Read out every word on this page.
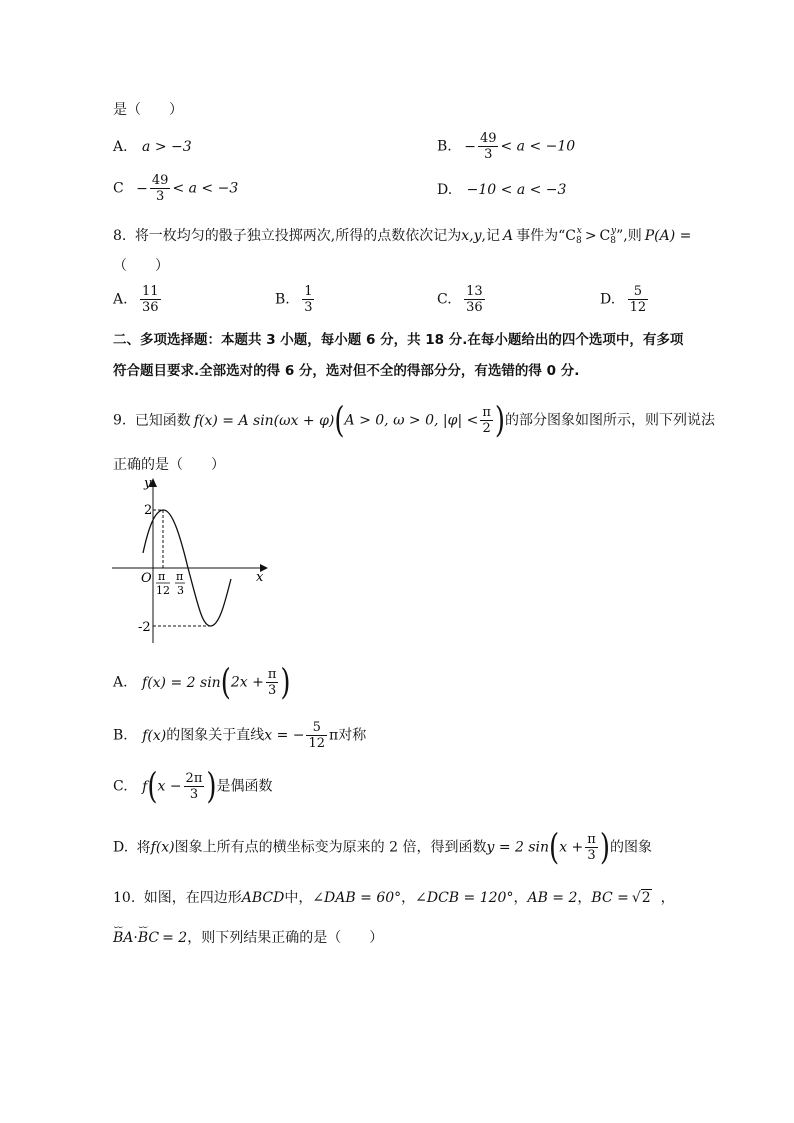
是（　　）
A. a > −3	B. − $\frac{49}{3} < a < -10$
$C - \frac{49}{3} < a < -3$	D. −10 < a < −3
8. 将一枚均匀的骰子独立投掷两次,所得的点数依次记为x,y,记 A 事件为“$C_8^x > C_8^y$”,则 P(A) =
（　　）
A. $\frac{11}{36}$	B. $\frac{1}{3}$	C. $\frac{13}{36}$	D. $\frac{5}{12}$
二、多项选择题：本题共 3 小题，每小题 6 分，共 18 分.在每小题给出的四个选项中，有多项
符合题目要求.全部选对的得 6 分，选对但不全的得部分分，有选错的得 0 分.
9. 已知函数 f(x) = A sin(ωx + φ)(A > 0, ω > 0, $|\varphi| < \frac{\pi}{2}$ )的部分图象如图所示，则下列说法
正确的是（　　）
y
x
O
2
-2
π
12
π
3
A. f(x) = 2 $\sin(2x + \frac{\pi}{3}$ )
B. f(x)的图象关于直线x = − $\frac{5}{12}$ π对称
C. $f(x - \frac{2\pi}{3}$ )是偶函数
D. 将f(x)图象上所有点的横坐标变为原来的 2 倍，得到函数y = 2 $\sin(x + \frac{\pi}{3}$ )的图象
10. 如图，在四边形ABCD中，∠DAB = 60°，∠DCB = 120°，AB = 2，BC = √2  ，
⌣⌣ BA·⌣⌣ BC = 2，则下列结果正确的是（　　）
